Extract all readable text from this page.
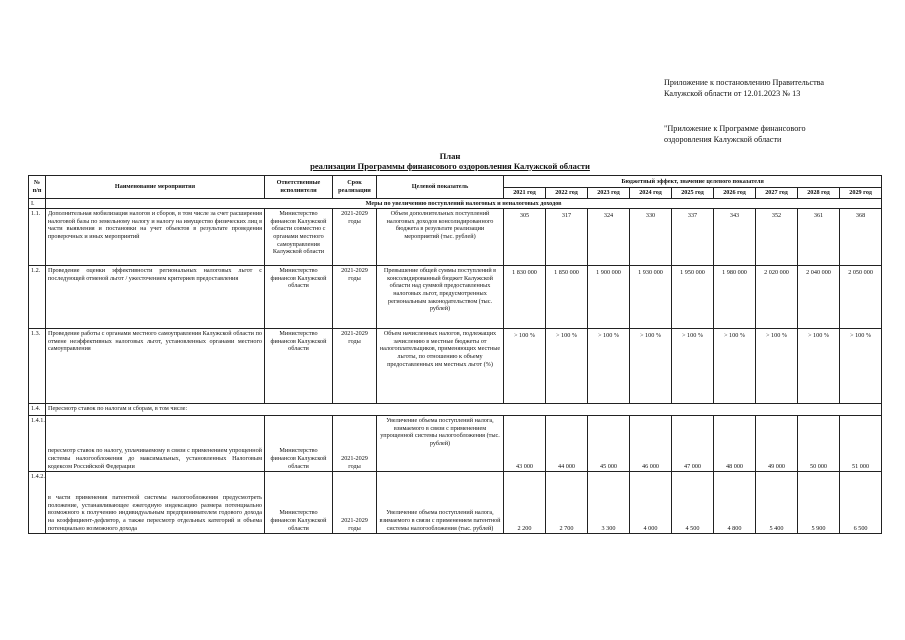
Приложение к постановлению Правительства
Калужской области от 12.01.2023 № 13
"Приложение к Программе финансового
оздоровления Калужской области
План
реализации Программы финансового оздоровления Калужской области
№ п/п	Наименование мероприятия	Ответственные исполнители	Срок реализации	Целевой показатель	Бюджетный эффект, значение целевого показателя								
					2021 год	2022 год	2023 год	2024 год	2025 год	2026 год	2027 год	2028 год	2029 год
I.	Меры по увеличению поступлений налоговых и неналоговых доходов												
1.1.	Дополнительная мобилизация налогов и сборов, в том числе за счет расширения налоговой базы по земельному налогу и налогу на имущество физических лиц в части выявления и постановки на учет объектов в результате проведения проверочных и иных мероприятий	Министерство финансов Калужской области совместно с органами местного самоуправления Калужской области	2021-2029 годы	Объем дополнительных поступлений налоговых доходов консолидированного бюджета в результате реализации мероприятий (тыс. рублей)	305	317	324	330	337	343	352	361	368
1.2.	Проведение оценки эффективности региональных налоговых льгот с последующей отменой льгот / ужесточением критериев предоставления	Министерство финансов Калужской области	2021-2029 годы	Превышение общей суммы поступлений в консолидированный бюджет Калужской области над суммой предоставленных налоговых льгот, предусмотренных региональным законодательством (тыс. рублей)	1 830 000	1 850 000	1 900 000	1 930 000	1 950 000	1 980 000	2 020 000	2 040 000	2 050 000
1.3.	Проведение работы с органами местного самоуправления Калужской области по отмене неэффективных налоговых льгот, установленных органами местного самоуправления	Министерство финансов Калужской области	2021-2029 годы	Объем начисленных налогов, подлежащих зачислению в местные бюджеты от налогоплательщиков, применяющих местные льготы, по отношению к объему предоставленных им местных льгот (%)	> 100 %	> 100 %	> 100 %	> 100 %	> 100 %	> 100 %	> 100 %	> 100 %	> 100 %
1.4.	Пересмотр ставок по налогам и сборам, в том числе:												
1.4.1.	пересмотр ставок по налогу, уплачиваемому в связи с применением упрощенной системы налогообложения до максимальных, установленных Налоговым кодексом Российской Федерации	Министерство финансов Калужской области	2021-2029 годы	Увеличение объема поступлений налога, взимаемого в связи с применением упрощенной системы налогообложения (тыс. рублей)	43 000	44 000	45 000	46 000	47 000	48 000	49 000	50 000	51 000
1.4.2.	в части применения патентной системы налогообложения предусмотреть положение, устанавливающее ежегодную индексацию размера потенциально возможного к получению индивидуальным предпринимателем годового дохода на коэффициент-дефлятор, а также пересмотр отдельных категорий и объема потенциально возможного дохода	Министерство финансов Калужской области	2021-2029 годы	Увеличение объема поступлений налога, взимаемого в связи с применением патентной системы налогообложения (тыс. рублей)	2 200	2 700	3 300	4 000	4 500	4 800	5 400	5 900	6 500
